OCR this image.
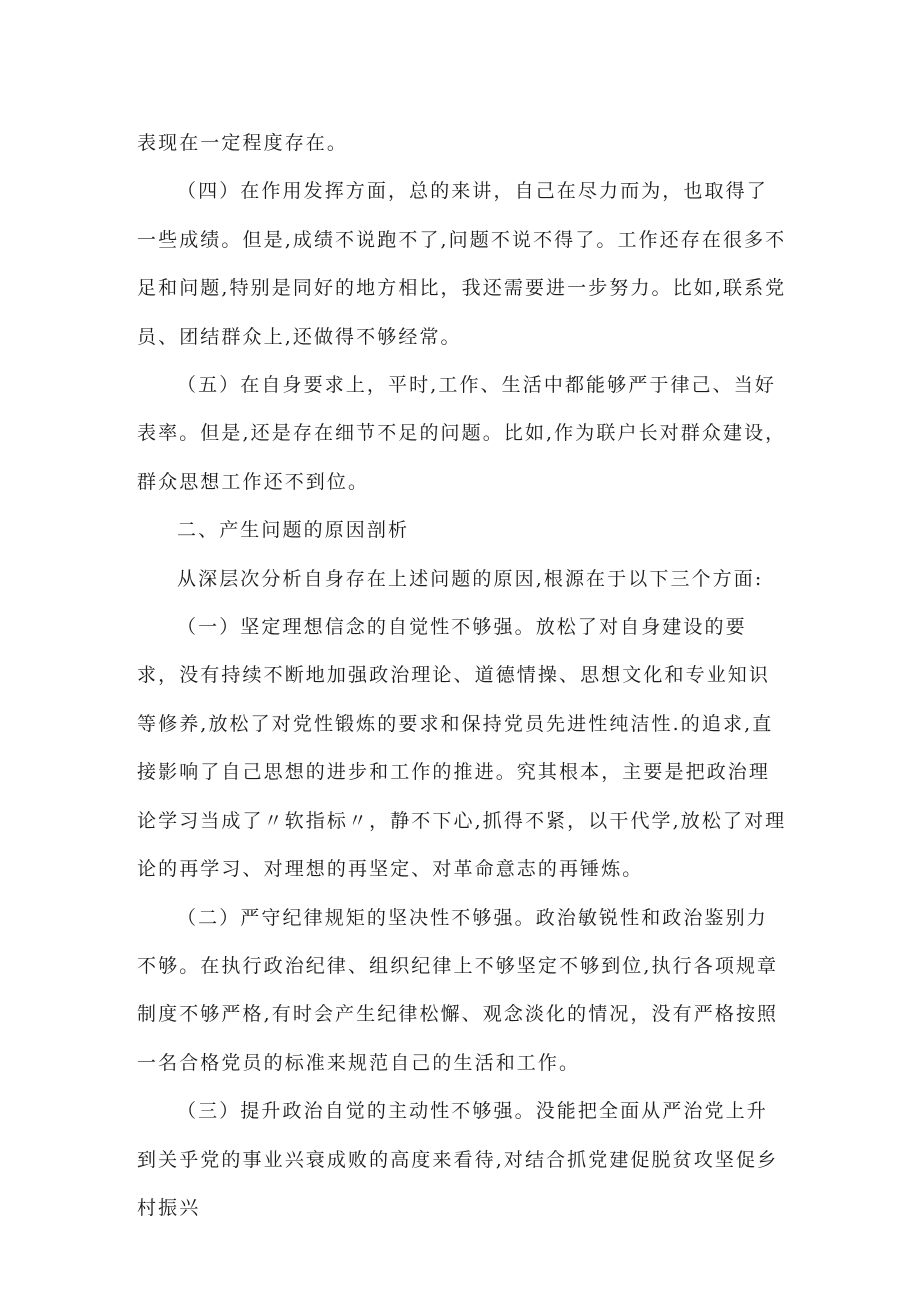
表现在一定程度存在。

（四）在作用发挥方面，总的来讲，自己在尽力而为，也取得了一些成绩。但是,成绩不说跑不了,问题不说不得了。工作还存在很多不足和问题,特别是同好的地方相比，我还需要进一步努力。比如,联系党员、团结群众上,还做得不够经常。

（五）在自身要求上，平时,工作、生活中都能够严于律己、当好表率。但是,还是存在细节不足的问题。比如,作为联户长对群众建设，群众思想工作还不到位。

二、产生问题的原因剖析

从深层次分析自身存在上述问题的原因,根源在于以下三个方面:

（一）坚定理想信念的自觉性不够强。放松了对自身建设的要求，没有持续不断地加强政治理论、道德情操、思想文化和专业知识等修养,放松了对党性锻炼的要求和保持党员先进性纯洁性.的追求,直接影响了自己思想的进步和工作的推进。究其根本，主要是把政治理论学习当成了〃软指标〃，静不下心,抓得不紧，以干代学,放松了对理论的再学习、对理想的再坚定、对革命意志的再锤炼。

（二）严守纪律规矩的坚决性不够强。政治敏锐性和政治鉴别力不够。在执行政治纪律、组织纪律上不够坚定不够到位,执行各项规章制度不够严格,有时会产生纪律松懈、观念淡化的情况，没有严格按照一名合格党员的标准来规范自己的生活和工作。

（三）提升政治自觉的主动性不够强。没能把全面从严治党上升到关乎党的事业兴衰成败的高度来看待,对结合抓党建促脱贫攻坚促乡村振兴
